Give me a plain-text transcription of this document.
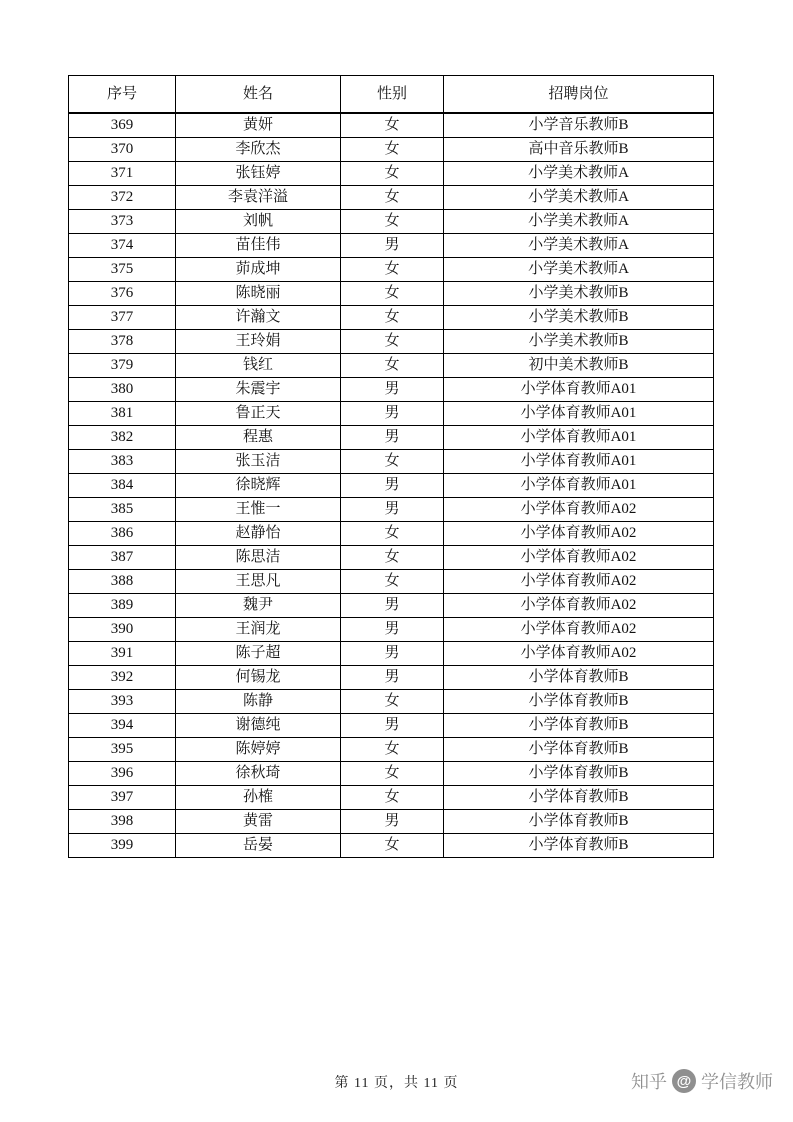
序号	姓名	性别	招聘岗位
369	黄妍	女	小学音乐教师B
370	李欣杰	女	高中音乐教师B
371	张钰婷	女	小学美术教师A
372	李袁洋溢	女	小学美术教师A
373	刘帆	女	小学美术教师A
374	苗佳伟	男	小学美术教师A
375	茆成坤	女	小学美术教师A
376	陈晓丽	女	小学美术教师B
377	许瀚文	女	小学美术教师B
378	王玲娟	女	小学美术教师B
379	钱红	女	初中美术教师B
380	朱震宇	男	小学体育教师A01
381	鲁正天	男	小学体育教师A01
382	程惠	男	小学体育教师A01
383	张玉洁	女	小学体育教师A01
384	徐晓辉	男	小学体育教师A01
385	王惟一	男	小学体育教师A02
386	赵静怡	女	小学体育教师A02
387	陈思洁	女	小学体育教师A02
388	王思凡	女	小学体育教师A02
389	魏尹	男	小学体育教师A02
390	王润龙	男	小学体育教师A02
391	陈子超	男	小学体育教师A02
392	何锡龙	男	小学体育教师B
393	陈静	女	小学体育教师B
394	谢德纯	男	小学体育教师B
395	陈婷婷	女	小学体育教师B
396	徐秋琦	女	小学体育教师B
397	孙榷	女	小学体育教师B
398	黄雷	男	小学体育教师B
399	岳晏	女	小学体育教师B
第 11 页，共 11 页	知乎 @ 学信教师
